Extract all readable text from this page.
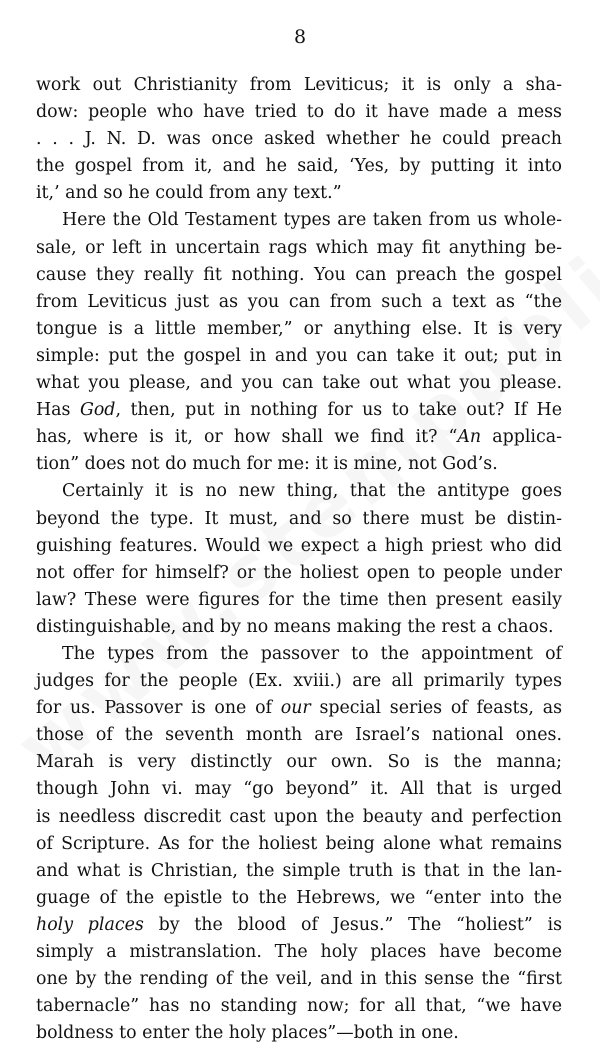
8
work out Christianity from Leviticus; it is only a sha-
dow: people who have tried to do it have made a mess
. . . J. N. D. was once asked whether he could preach
the gospel from it, and he said, ‘Yes, by putting it into
it,’ and so he could from any text.”
Here the Old Testament types are taken from us whole-
sale, or left in uncertain rags which may fit anything be-
cause they really fit nothing. You can preach the gospel
from Leviticus just as you can from such a text as “the
tongue is a little member,” or anything else. It is very
simple: put the gospel in and you can take it out; put in
what you please, and you can take out what you please.
Has God, then, put in nothing for us to take out? If He
has, where is it, or how shall we find it? “An applica-
tion” does not do much for me: it is mine, not God’s.
Certainly it is no new thing, that the antitype goes
beyond the type. It must, and so there must be distin-
guishing features. Would we expect a high priest who did
not offer for himself? or the holiest open to people under
law? These were figures for the time then present easily
distinguishable, and by no means making the rest a chaos.
The types from the passover to the appointment of
judges for the people (Ex. xviii.) are all primarily types
for us. Passover is one of our special series of feasts, as
those of the seventh month are Israel’s national ones.
Marah is very distinctly our own. So is the manna;
though John vi. may “go beyond” it. All that is urged
is needless discredit cast upon the beauty and perfection
of Scripture. As for the holiest being alone what remains
and what is Christian, the simple truth is that in the lan-
guage of the epistle to the Hebrews, we “enter into the
holy places by the blood of Jesus.” The “holiest” is
simply a mistranslation. The holy places have become
one by the rending of the veil, and in this sense the “first
tabernacle” has no standing now; for all that, “we have
boldness to enter the holy places”—both in one.
